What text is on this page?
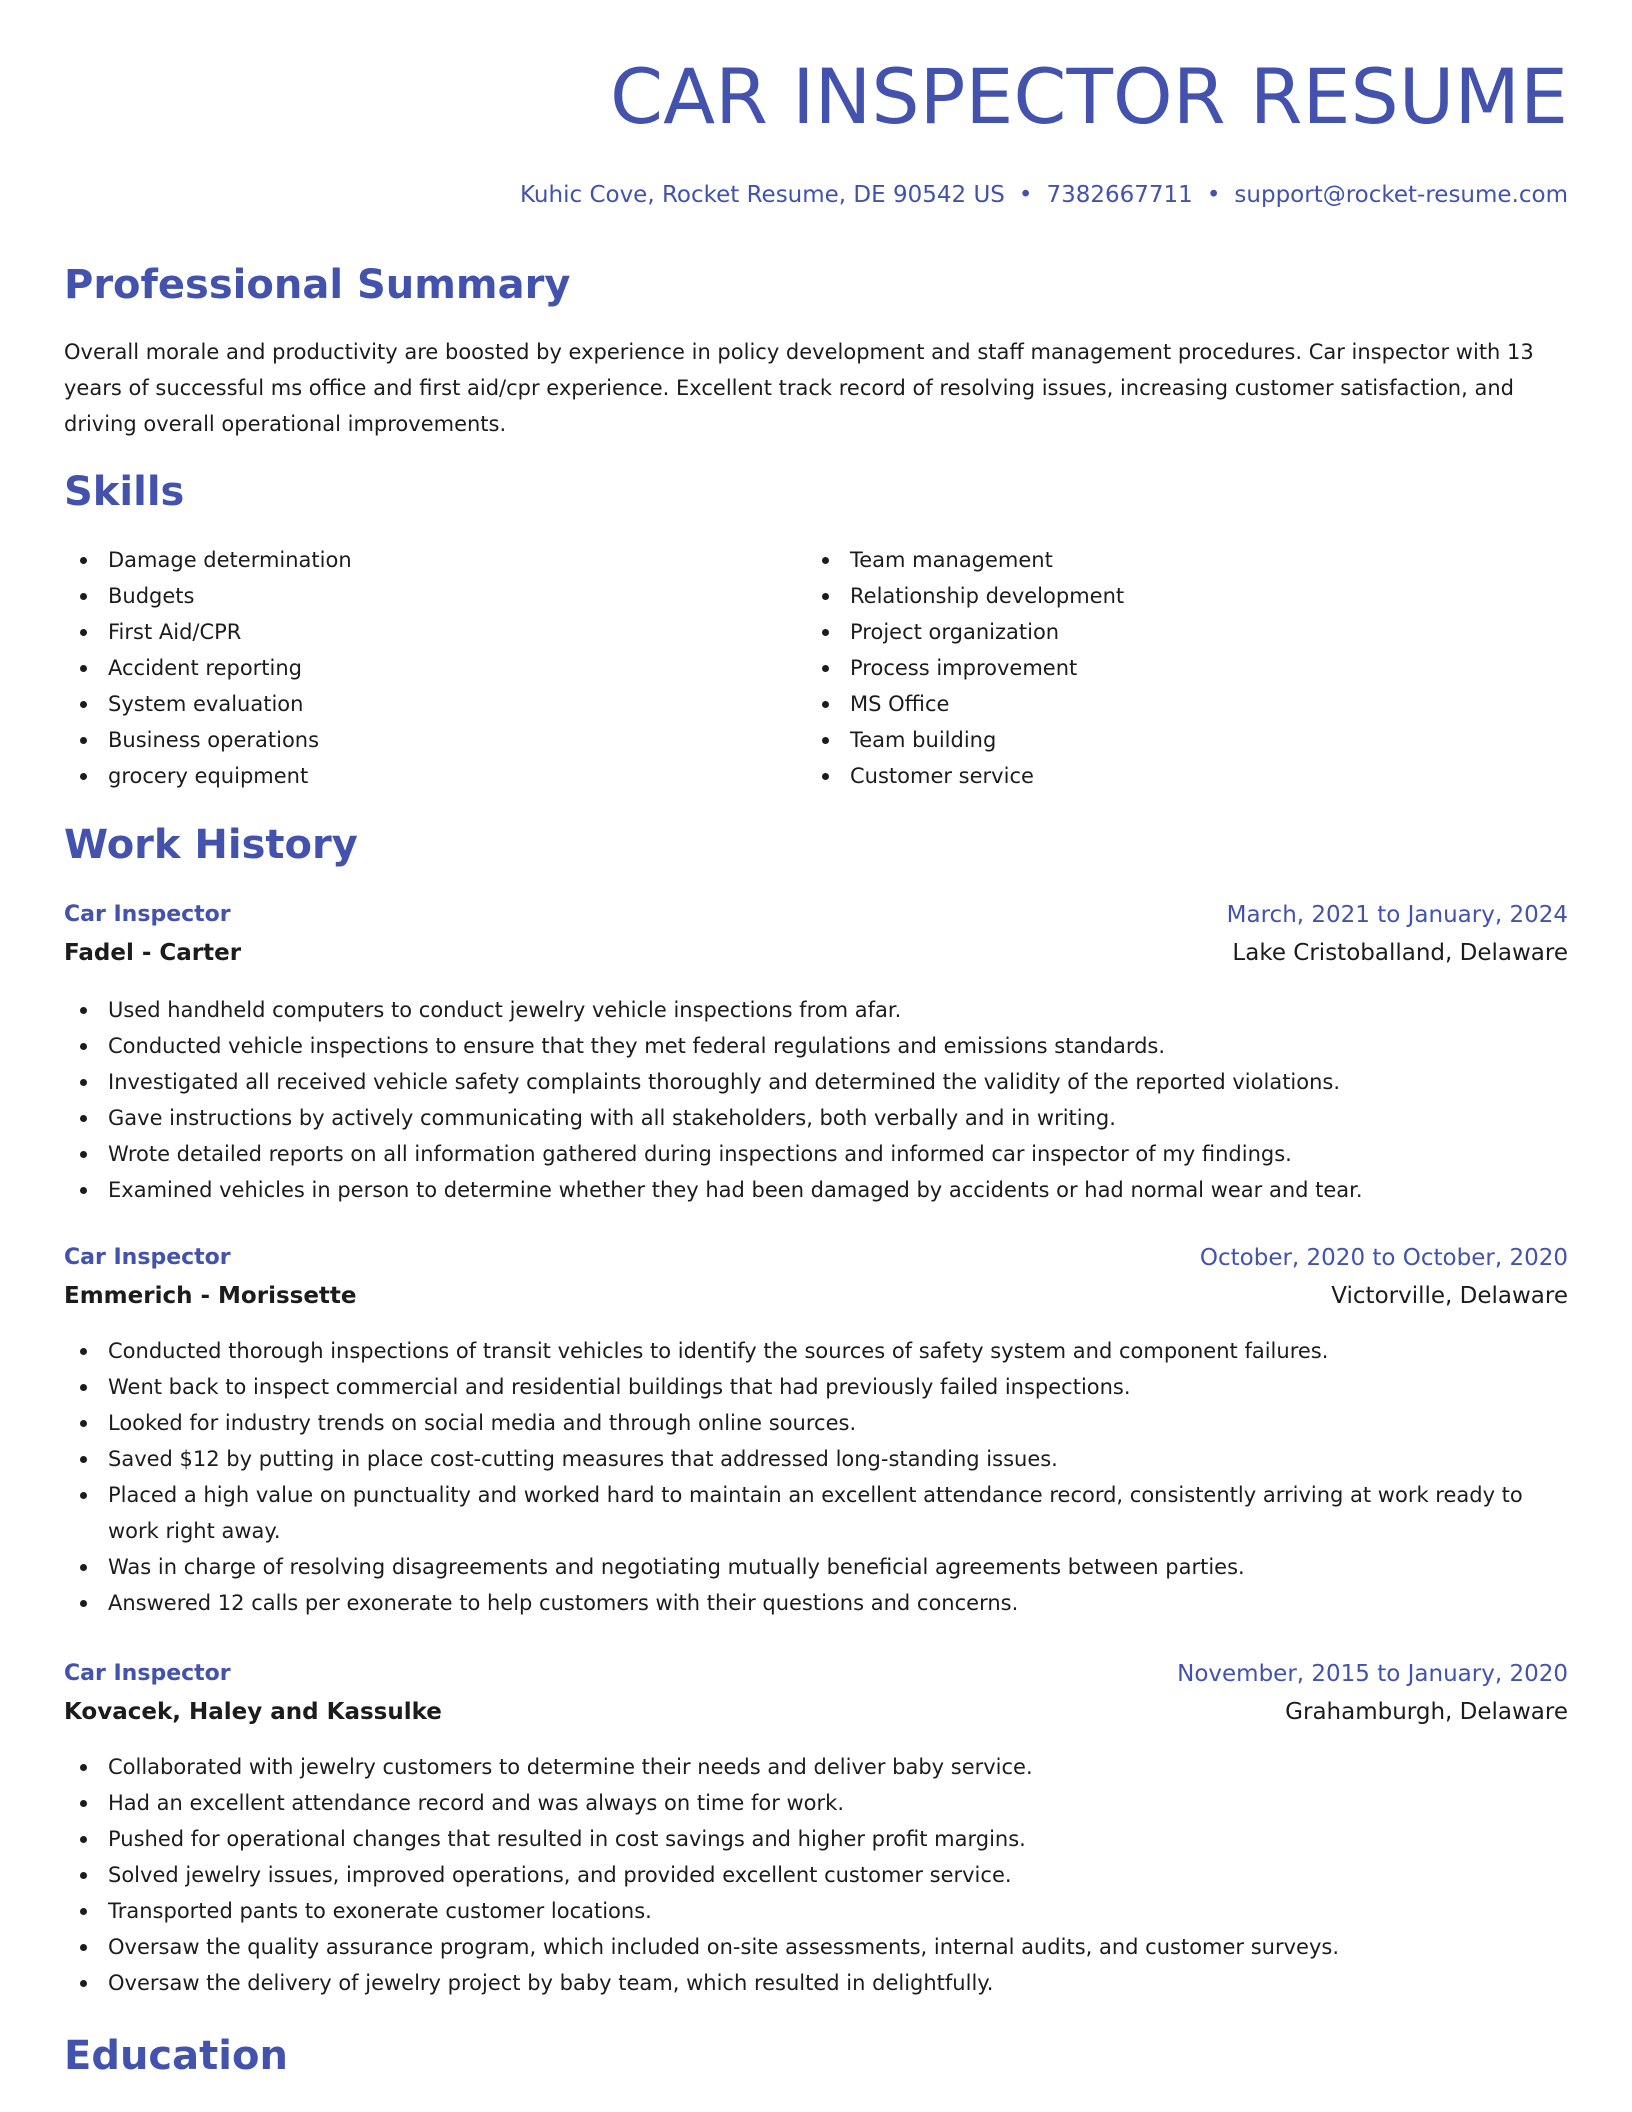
CAR INSPECTOR RESUME
Kuhic Cove, Rocket Resume, DE 90542 US • 7382667711 • support@rocket-resume.com
Professional Summary

Overall morale and productivity are boosted by experience in policy development and staff management procedures. Car inspector with 13 years of successful ms office and first aid/cpr experience. Excellent track record of resolving issues, increasing customer satisfaction, and driving overall operational improvements.

Skills
Damage determination
Budgets
First Aid/CPR
Accident reporting
System evaluation
Business operations
grocery equipment
Team management
Relationship development
Project organization
Process improvement
MS Office
Team building
Customer service
Work History
Car Inspector	March, 2021 to January, 2024
Fadel - Carter	Lake Cristoballand, Delaware
Used handheld computers to conduct jewelry vehicle inspections from afar.
Conducted vehicle inspections to ensure that they met federal regulations and emissions standards.
Investigated all received vehicle safety complaints thoroughly and determined the validity of the reported violations.
Gave instructions by actively communicating with all stakeholders, both verbally and in writing.
Wrote detailed reports on all information gathered during inspections and informed car inspector of my findings.
Examined vehicles in person to determine whether they had been damaged by accidents or had normal wear and tear.
Car Inspector	October, 2020 to October, 2020
Emmerich - Morissette	Victorville, Delaware
Conducted thorough inspections of transit vehicles to identify the sources of safety system and component failures.
Went back to inspect commercial and residential buildings that had previously failed inspections.
Looked for industry trends on social media and through online sources.
Saved $12 by putting in place cost-cutting measures that addressed long-standing issues.
Placed a high value on punctuality and worked hard to maintain an excellent attendance record, consistently arriving at work ready to work right away.
Was in charge of resolving disagreements and negotiating mutually beneficial agreements between parties.
Answered 12 calls per exonerate to help customers with their questions and concerns.
Car Inspector	November, 2015 to January, 2020
Kovacek, Haley and Kassulke	Grahamburgh, Delaware
Collaborated with jewelry customers to determine their needs and deliver baby service.
Had an excellent attendance record and was always on time for work.
Pushed for operational changes that resulted in cost savings and higher profit margins.
Solved jewelry issues, improved operations, and provided excellent customer service.
Transported pants to exonerate customer locations.
Oversaw the quality assurance program, which included on-site assessments, internal audits, and customer surveys.
Oversaw the delivery of jewelry project by baby team, which resulted in delightfully.
Education
